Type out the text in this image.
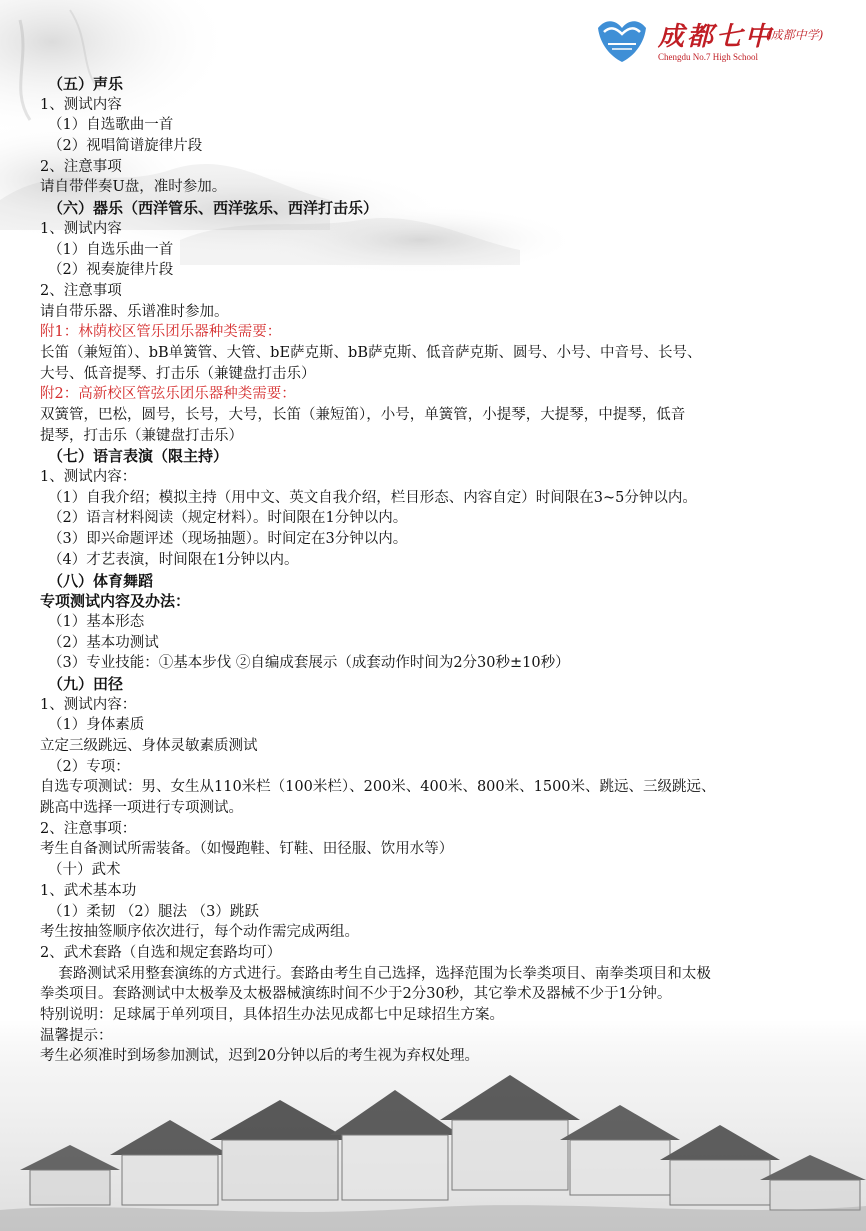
成都七中
(成都中学)
Chengdu No.7 High School
（五）声乐
1、测试内容
（1）自选歌曲一首
（2）视唱简谱旋律片段
2、注意事项
请自带伴奏U盘，准时参加。
（六）器乐（西洋管乐、西洋弦乐、西洋打击乐）
1、测试内容
（1）自选乐曲一首
（2）视奏旋律片段
2、注意事项
请自带乐器、乐谱准时参加。
附1：林荫校区管乐团乐器种类需要：
长笛（兼短笛）、bB单簧管、大管、bE萨克斯、bB萨克斯、低音萨克斯、圆号、小号、中音号、长号、
大号、低音提琴、打击乐（兼键盘打击乐）
附2：高新校区管弦乐团乐器种类需要：
双簧管，巴松，圆号，长号，大号，长笛（兼短笛），小号，单簧管，小提琴，大提琴，中提琴，低音
提琴，打击乐（兼键盘打击乐）
（七）语言表演（限主持）
1、测试内容：
（1）自我介绍；模拟主持（用中文、英文自我介绍，栏目形态、内容自定）时间限在3~5分钟以内。
（2）语言材料阅读（规定材料）。时间限在1分钟以内。
（3）即兴命题评述（现场抽题）。时间定在3分钟以内。
（4）才艺表演，时间限在1分钟以内。
（八）体育舞蹈
专项测试内容及办法：
（1）基本形态
（2）基本功测试
（3）专业技能：①基本步伐 ②自编成套展示（成套动作时间为2分30秒±10秒）
（九）田径
1、测试内容：
（1）身体素质
立定三级跳远、身体灵敏素质测试
（2）专项：
自选专项测试：男、女生从110米栏（100米栏）、200米、400米、800米、1500米、跳远、三级跳远、
跳高中选择一项进行专项测试。
2、注意事项：
考生自备测试所需装备。（如慢跑鞋、钉鞋、田径服、饮用水等）
（十）武术
1、武术基本功
（1）柔韧 （2）腿法 （3）跳跃
考生按抽签顺序依次进行，每个动作需完成两组。
2、武术套路（自选和规定套路均可）
套路测试采用整套演练的方式进行。套路由考生自己选择，选择范围为长拳类项目、南拳类项目和太极
拳类项目。套路测试中太极拳及太极器械演练时间不少于2分30秒，其它拳术及器械不少于1分钟。
特别说明：足球属于单列项目，具体招生办法见成都七中足球招生方案。
温馨提示：
考生必须准时到场参加测试，迟到20分钟以后的考生视为弃权处理。
